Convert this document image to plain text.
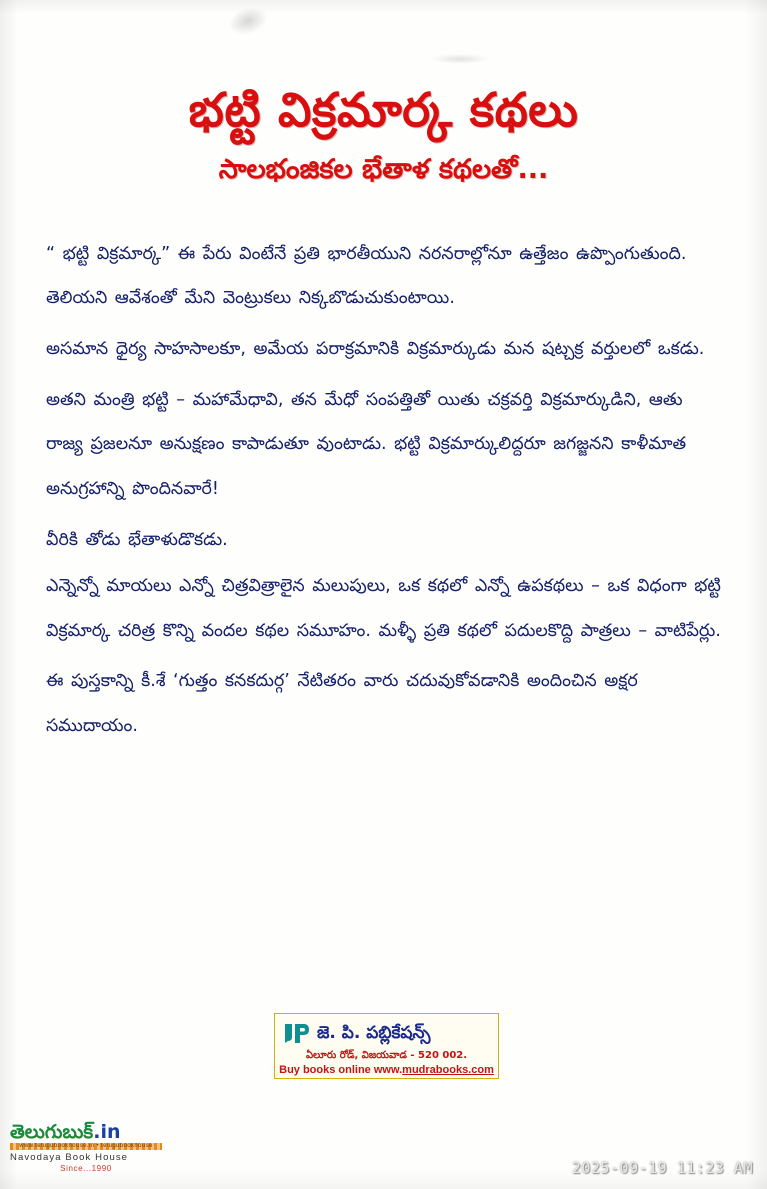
భట్టి విక్రమార్క కథలు
సాలభంజికల భేతాళ కథలతో...

“ భట్టి విక్రమార్క” ఈ పేరు వింటేనే ప్రతి భారతీయుని నరనరాల్లోనూ ఉత్తేజం ఉప్పొంగుతుంది. తెలియని ఆవేశంతో మేని వెంట్రుకలు నిక్కబొడుచుకుంటాయి.

అసమాన ధైర్య సాహసాలకూ, అమేయ పరాక్రమానికి విక్రమార్కుడు మన షట్చక్ర వర్తులలో ఒకడు.

అతని మంత్రి భట్టి – మహామేధావి, తన మేధో సంపత్తితో యితు చక్రవర్తి విక్రమార్కుడిని, ఆతు రాజ్య ప్రజలనూ అనుక్షణం కాపాడుతూ వుంటాడు. భట్టి విక్రమార్కులిద్దరూ జగజ్జనని కాళీమాత అనుగ్రహాన్ని పొందినవారే!

వీరికి తోడు భేతాళుడొకడు.

ఎన్నెన్నో మాయలు ఎన్నో చిత్రవిత్రాలైన మలుపులు, ఒక కథలో ఎన్నో ఉపకథలు – ఒక విధంగా భట్టి విక్రమార్క చరిత్ర కొన్ని వందల కథల సమూహం. మళ్ళీ ప్రతి కథలో పదులకొద్ది పాత్రలు – వాటిపేర్లు.

ఈ పుస్తకాన్ని కీ.శే ‘గుత్తం కనకదుర్గ’ నేటితరం వారు చదువుకోవడానికి అందించిన అక్షర సముదాయం.

జె. పి. పబ్లికేషన్స్
ఏలూరు రోడ్, విజయవాడ - 520 002.
Buy books online www.mudrabooks.com
తెలుగుబుక్.in
www.telugubookhouse.in • telugubookhouse
Navodaya Book House
Since...1990	2025-09-19 11:23 AM
